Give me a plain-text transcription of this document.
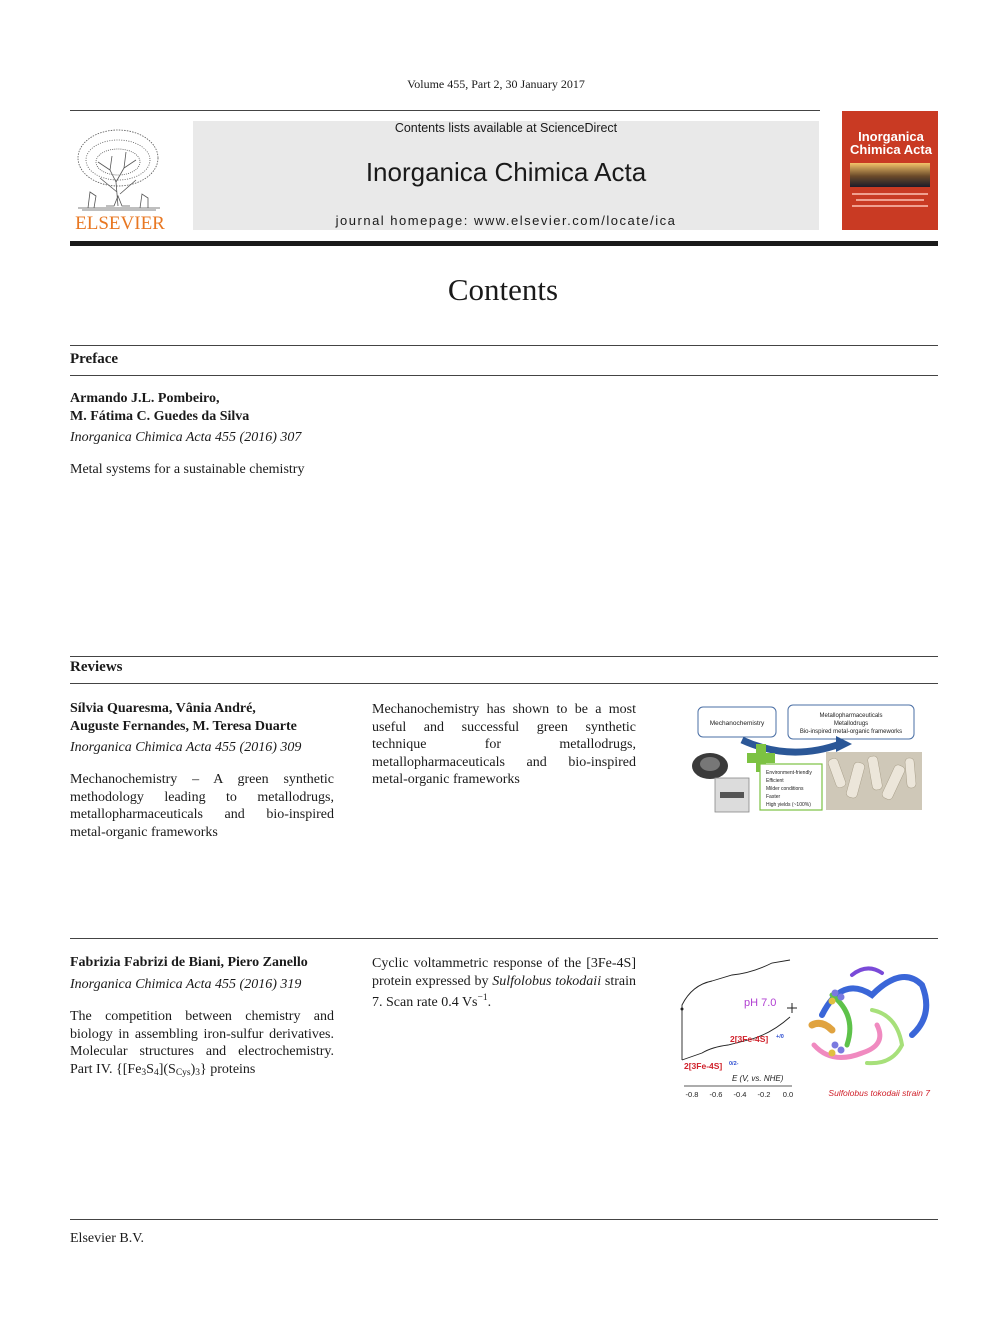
Volume 455, Part 2, 30 January 2017
ELSEVIER
Contents lists available at ScienceDirect
Inorganica Chimica Acta
journal homepage: www.elsevier.com/locate/ica
Inorganica Chimica Acta
Contents
Preface
Armando J.L. Pombeiro,
M. Fátima C. Guedes da Silva
Inorganica Chimica Acta 455 (2016) 307
Metal systems for a sustainable chemistry
Reviews
Sílvia Quaresma, Vânia André,
Auguste Fernandes, M. Teresa Duarte
Inorganica Chimica Acta 455 (2016) 309
Mechanochemistry – A green synthetic methodology leading to metallodrugs, metallopharmaceuticals and bio-inspired metal-organic frameworks
Mechanochemistry has shown to be a most useful and successful green synthetic technique for metallodrugs, metallopharmaceuticals and bio-inspired metal-organic frameworks
Mechanochemistry
Metallopharmaceuticals
Metallodrugs
Bio-inspired metal-organic frameworks
Environment-friendly
Efficient
Milder conditions
Faster
High yields (~100%)
Fabrizia Fabrizi de Biani, Piero Zanello
Inorganica Chimica Acta 455 (2016) 319
The competition between chemistry and biology in assembling iron-sulfur derivatives. Molecular structures and electrochemistry. Part IV. $\{[Fe_3S_4](S_{Cys})_3\}$ proteins
Cyclic voltammetric response of the [3Fe-4S] protein expressed by Sulfolobus tokodaii strain 7. Scan rate 0.4 $Vs^{-1}$.	pH 7.0
2[3Fe-4S] +/0
2[3Fe-4S] 0/2-
E (V, vs. NHE)
-0.8 -0.6 -0.4 -0.2 0.0	Sulfolobus tokodaii strain 7
Elsevier B.V.
